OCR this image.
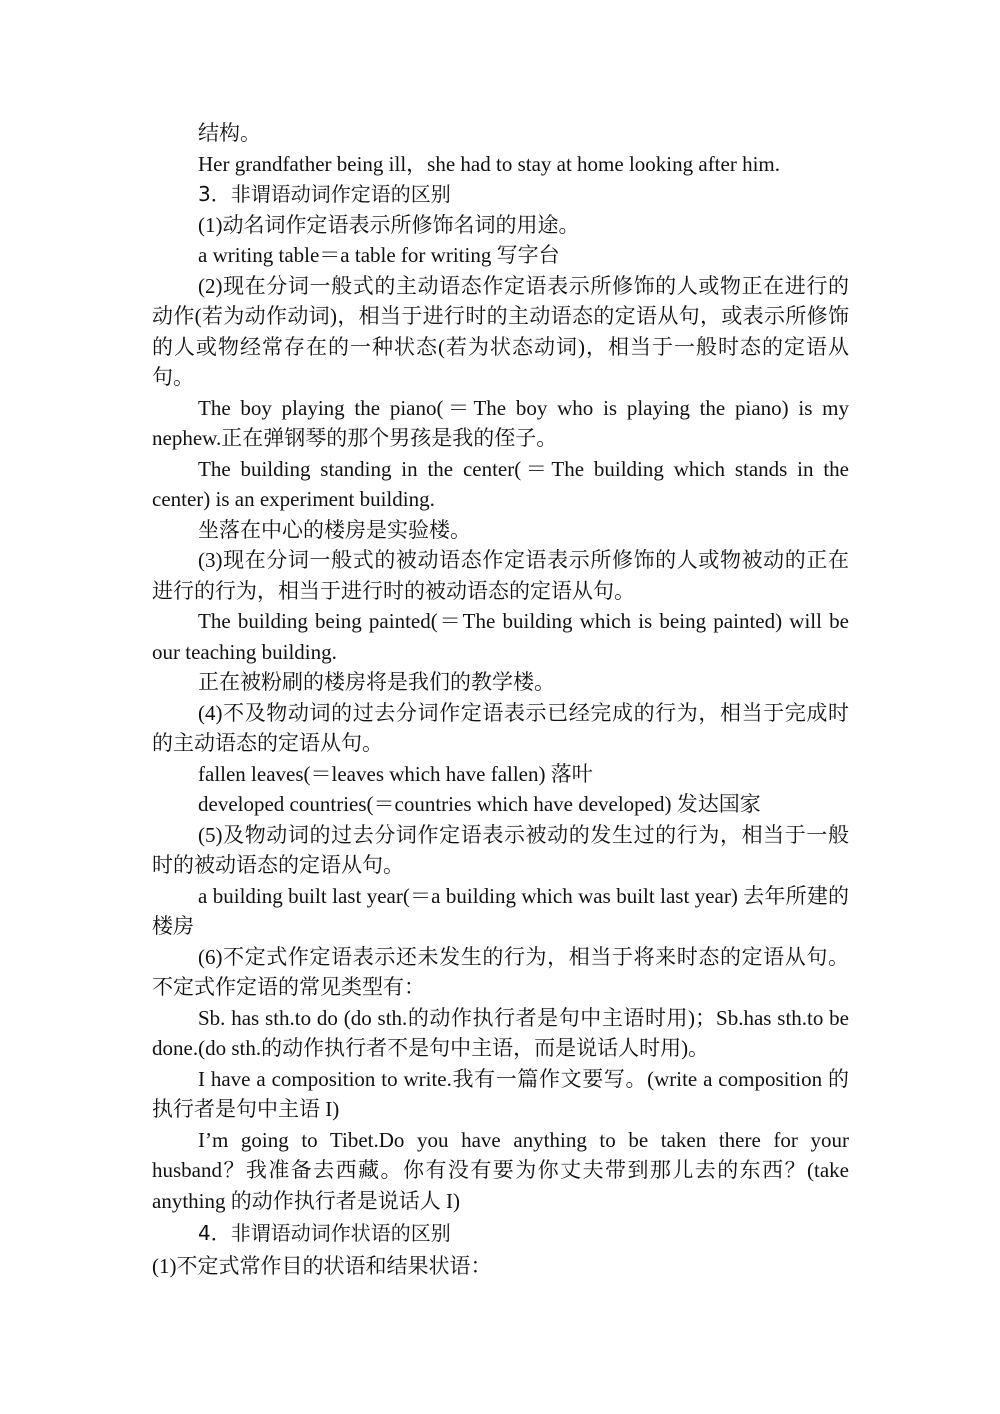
结构。

Her grandfather being ill，she had to stay at home looking after him.

3．非谓语动词作定语的区别

(1)动名词作定语表示所修饰名词的用途。

a writing table＝a table for writing 写字台

(2)现在分词一般式的主动语态作定语表示所修饰的人或物正在进行的动作(若为动作动词)，相当于进行时的主动语态的定语从句，或表示所修饰的人或物经常存在的一种状态(若为状态动词)，相当于一般时态的定语从句。

The boy playing the piano(＝The boy who is playing the piano) is my nephew.正在弹钢琴的那个男孩是我的侄子。

The building standing in the center(＝The building which stands in the center) is an experiment building.

坐落在中心的楼房是实验楼。

(3)现在分词一般式的被动语态作定语表示所修饰的人或物被动的正在进行的行为，相当于进行时的被动语态的定语从句。

The building being painted(＝The building which is being painted) will be our teaching building.

正在被粉刷的楼房将是我们的教学楼。

(4)不及物动词的过去分词作定语表示已经完成的行为，相当于完成时的主动语态的定语从句。

fallen leaves(＝leaves which have fallen) 落叶

developed countries(＝countries which have developed) 发达国家

(5)及物动词的过去分词作定语表示被动的发生过的行为，相当于一般时的被动语态的定语从句。

a building built last year(＝a building which was built last year) 去年所建的楼房

(6)不定式作定语表示还未发生的行为，相当于将来时态的定语从句。不定式作定语的常见类型有：

Sb. has sth.to do (do sth.的动作执行者是句中主语时用)；Sb.has sth.to be done.(do sth.的动作执行者不是句中主语，而是说话人时用)。

I have a composition to write.我有一篇作文要写。(write a composition 的执行者是句中主语 I)

I’m going to Tibet.Do you have anything to be taken there for your husband？我准备去西藏。你有没有要为你丈夫带到那儿去的东西？(take anything 的动作执行者是说话人 I)

4．非谓语动词作状语的区别

(1)不定式常作目的状语和结果状语：
